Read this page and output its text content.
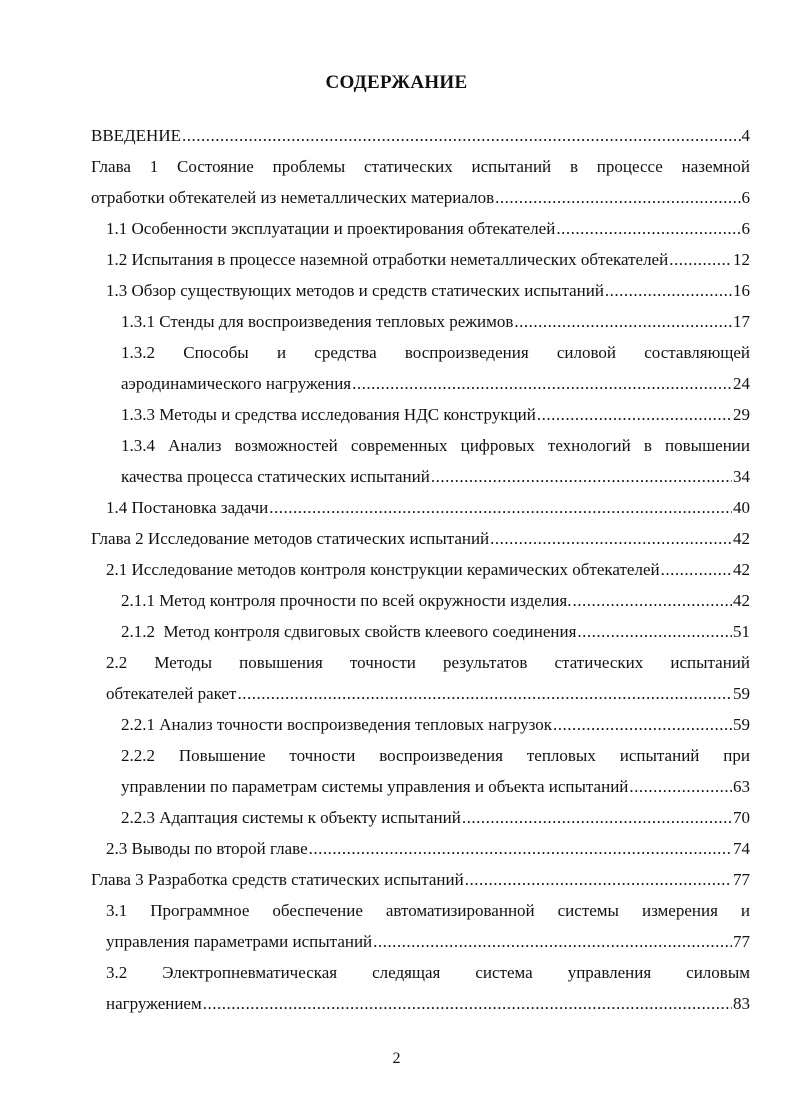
СОДЕРЖАНИЕ
ВВЕДЕНИЕ .....	4
Глава 1 Состояние проблемы статических испытаний в процессе наземной
отработки обтекателей из неметаллических материалов .....	6
1.1 Особенности эксплуатации и проектирования обтекателей .....	6
1.2 Испытания в процессе наземной отработки неметаллических обтекателей .....	12
1.3 Обзор существующих методов и средств статических испытаний .....	16
1.3.1 Стенды для воспроизведения тепловых режимов .....	17
1.3.2 Способы и средства воспроизведения силовой составляющей
аэродинамического нагружения .....	24
1.3.3 Методы и средства исследования НДС конструкций .....	29
1.3.4 Анализ возможностей современных цифровых технологий в повышении
качества процесса статических испытаний .....	34
1.4 Постановка задачи .....	40
Глава 2 Исследование методов статических испытаний .....	42
2.1 Исследование методов контроля конструкции керамических обтекателей .....	42
2.1.1 Метод контроля прочности по всей окружности изделия. .....	42
2.1.2  Метод контроля сдвиговых свойств клеевого соединения .....	51
2.2 Методы повышения точности результатов статических испытаний
обтекателей ракет .....	59
2.2.1 Анализ точности воспроизведения тепловых нагрузок .....	59
2.2.2 Повышение точности воспроизведения тепловых испытаний при
управлении по параметрам системы управления и объекта испытаний .....	63
2.2.3 Адаптация системы к объекту испытаний .....	70
2.3 Выводы по второй главе .....	74
Глава 3 Разработка средств статических испытаний .....	77
3.1 Программное обеспечение автоматизированной системы измерения и
управления параметрами испытаний .....	77
3.2 Электропневматическая следящая система управления силовым
нагружением .....	83
2
